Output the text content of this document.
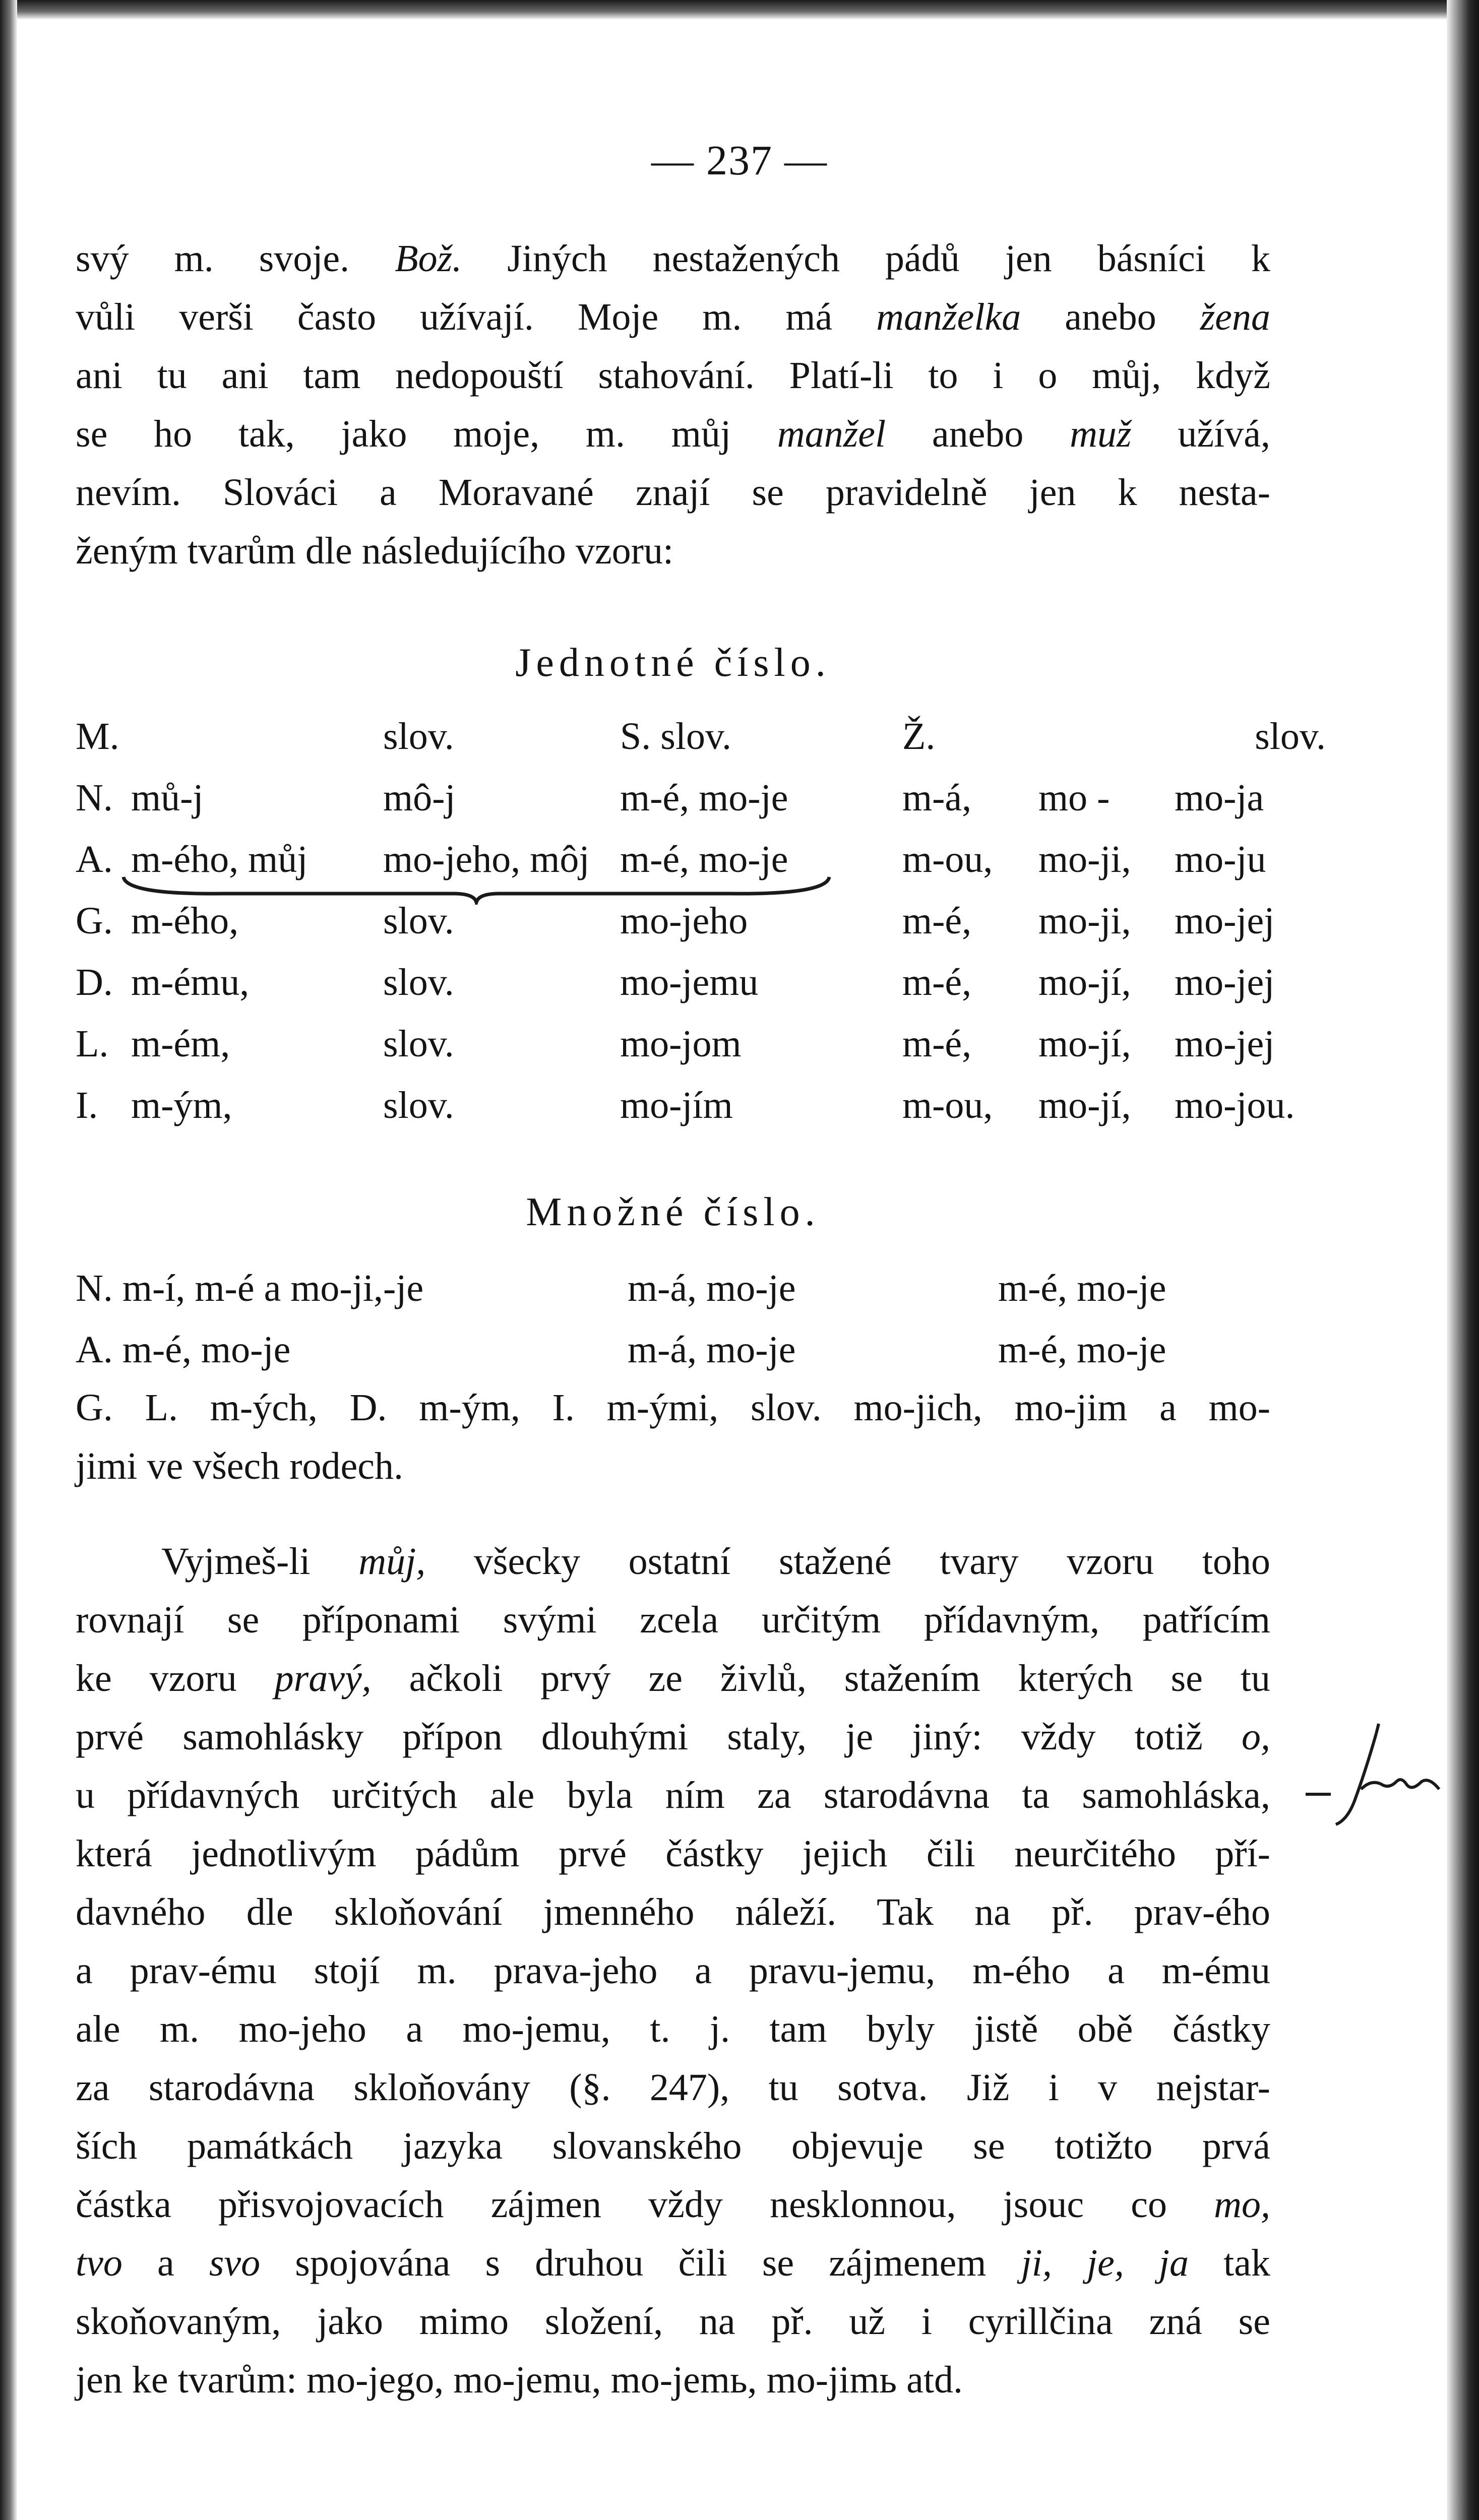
— 237 —
svý m. svoje. Bož. Jiných nestažených pádů jen básníci k
vůli verši často užívají. Moje m. má manželka anebo žena
ani tu ani tam nedopouští stahování. Platí-li to i o můj, když
se ho tak, jako moje, m. můj manžel anebo muž užívá,
nevím. Slováci a Moravané znají se pravidelně jen k nesta-
ženým tvarům dle následujícího vzoru:
Jednotné číslo.
M.		slov.	S. slov.	Ž.		slov.
N.	mů-j	mô-j	m-é, mo-je	m-á,	mo -	mo-ja
A.	m-ého, můj	mo-jeho, môj	m-é, mo-je	m-ou,	mo-ji,	mo-ju
G.	m-ého,	slov.	mo-jeho	m-é,	mo-ji,	mo-jej
D.	m-ému,	slov.	mo-jemu	m-é,	mo-jí,	mo-jej
L.	m-ém,	slov.	mo-jom	m-é,	mo-jí,	mo-jej
I.	m-ým,	slov.	mo-jím	m-ou,	mo-jí,	mo-jou.
Množné číslo.
N. m-í, m-é a mo-ji,-je	m-á, mo-je	m-é, mo-je
A. m-é, mo-je	m-á, mo-je	m-é, mo-je
G. L. m-ých, D. m-ým, I. m-ými, slov. mo-jich, mo-jim a mo-
jimi ve všech rodech.
Vyjmeš-li můj, všecky ostatní stažené tvary vzoru toho
rovnají se příponami svými zcela určitým přídavným, patřícím
ke vzoru pravý, ačkoli prvý ze živlů, stažením kterých se tu
prvé samohlásky přípon dlouhými staly, je jiný: vždy totiž o,
u přídavných určitých ale byla ním za starodávna ta samohláska,
která jednotlivým pádům prvé částky jejich čili neurčitého pří-
davného dle skloňování jmenného náleží. Tak na př. prav-ého
a prav-ému stojí m. prava-jeho a pravu-jemu, m-ého a m-ému
ale m. mo-jeho a mo-jemu, t. j. tam byly jistě obě částky
za starodávna skloňovány (§. 247), tu sotva. Již i v nejstar-
ších památkách jazyka slovanského objevuje se totižto prvá
částka přisvojovacích zájmen vždy nesklonnou, jsouc co mo,
tvo a svo spojována s druhou čili se zájmenem ji, je, ja tak
skoňovaným, jako mimo složení, na př. už i cyrillčina zná se
jen ke tvarům: mo-jego, mo-jemu, mo-jemь, mo-jimь atd.
